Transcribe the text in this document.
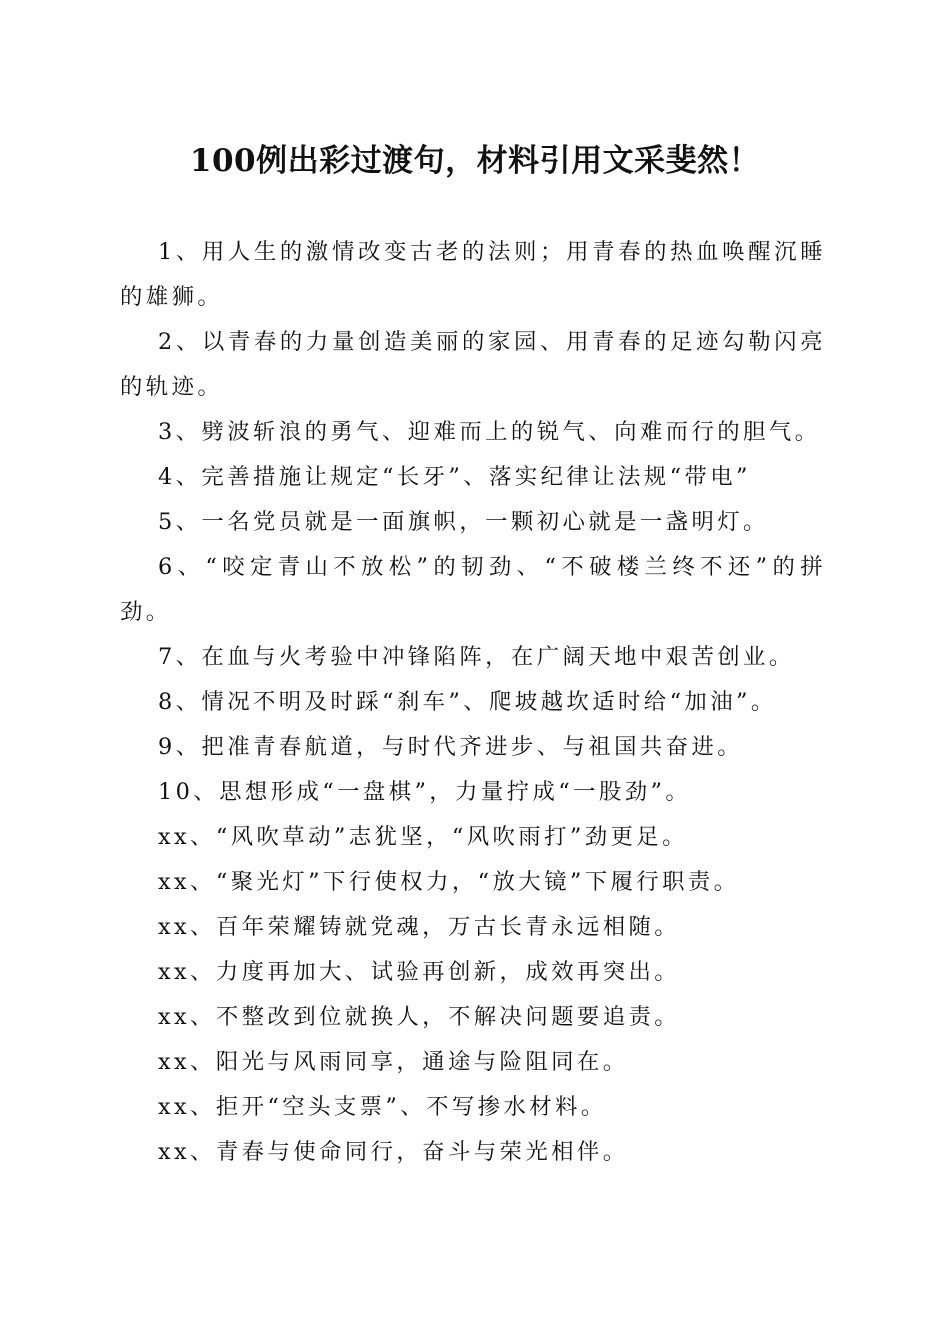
100例出彩过渡句，材料引用文采斐然！

1、用人生的激情改变古老的法则；用青春的热血唤醒沉睡的雄狮。

2、以青春的力量创造美丽的家园、用青春的足迹勾勒闪亮的轨迹。

3、劈波斩浪的勇气、迎难而上的锐气、向难而行的胆气。

4、完善措施让规定“长牙”、落实纪律让法规“带电”

5、一名党员就是一面旗帜，一颗初心就是一盏明灯。

6、“咬定青山不放松”的韧劲、“不破楼兰终不还”的拼劲。

7、在血与火考验中冲锋陷阵，在广阔天地中艰苦创业。

8、情况不明及时踩“刹车”、爬坡越坎适时给“加油”。

9、把准青春航道，与时代齐进步、与祖国共奋进。

10、思想形成“一盘棋”，力量拧成“一股劲”。

xx、“风吹草动”志犹坚，“风吹雨打”劲更足。

xx、“聚光灯”下行使权力，“放大镜”下履行职责。

xx、百年荣耀铸就党魂，万古长青永远相随。

xx、力度再加大、试验再创新，成效再突出。

xx、不整改到位就换人，不解决问题要追责。

xx、阳光与风雨同享，通途与险阻同在。

xx、拒开“空头支票”、不写掺水材料。

xx、青春与使命同行，奋斗与荣光相伴。
